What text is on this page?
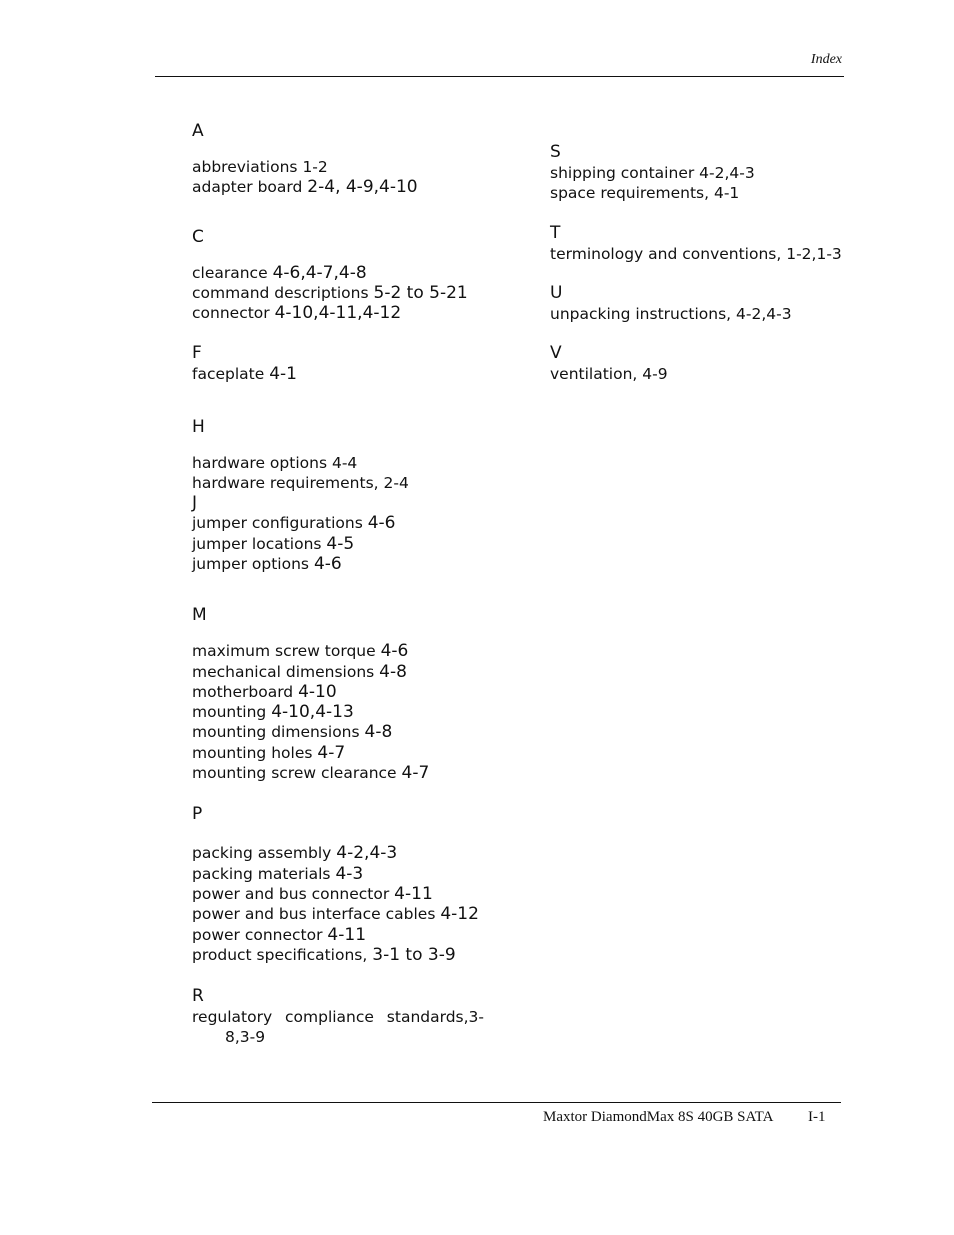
Index

A

abbreviations 1-2

adapter board 2-4, 4-9,4-10

C

clearance 4-6,4-7,4-8

command descriptions 5-2 to 5-21

connector 4-10,4-11,4-12

F

faceplate 4-1

H

hardware options 4-4

hardware requirements, 2-4

J

jumper configurations 4-6

jumper locations 4-5

jumper options 4-6

M

maximum screw torque 4-6

mechanical dimensions 4-8

motherboard 4-10

mounting 4-10,4-13

mounting dimensions 4-8

mounting holes 4-7

mounting screw clearance 4-7

P

packing assembly 4-2,4-3

packing materials 4-3

power and bus connector 4-11

power and bus interface cables 4-12

power connector 4-11

product specifications, 3-1 to 3-9

R

regulatory compliance standards,3-8,3-9

S

shipping container 4-2,4-3

space requirements, 4-1

T

terminology and conventions, 1-2,1-3

U

unpacking instructions, 4-2,4-3

V

ventilation, 4-9

Maxtor DiamondMax 8S 40GB SATA I-1
